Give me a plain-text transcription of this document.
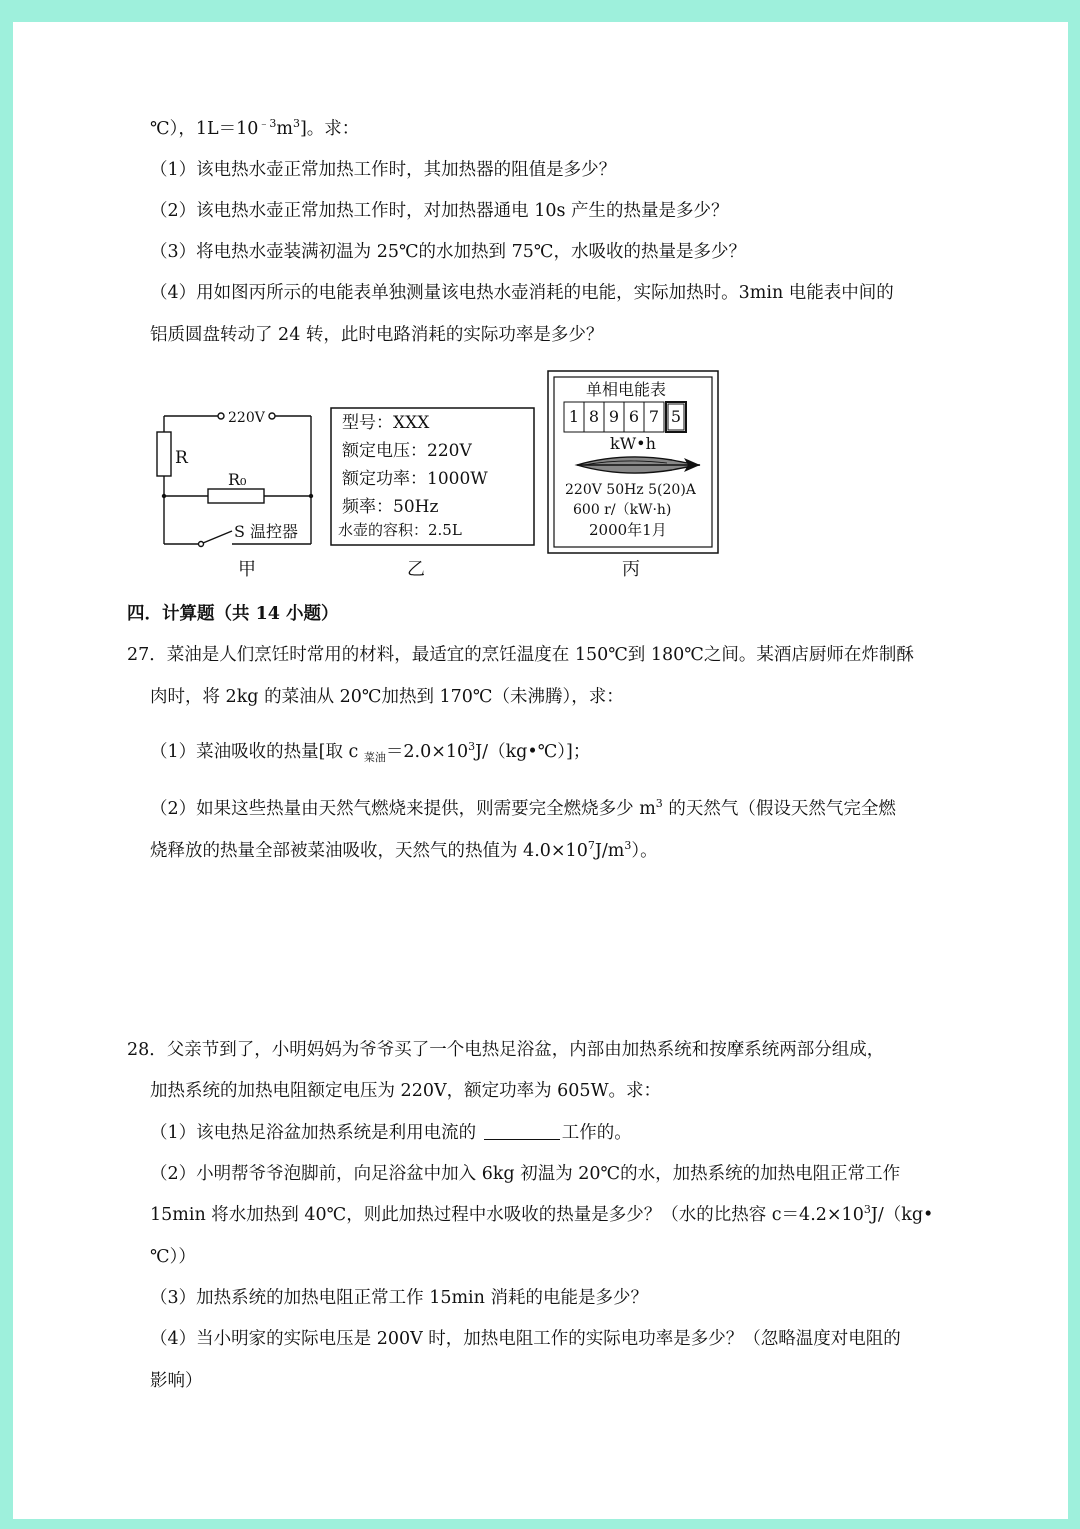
℃），$1L=10^{﹣3}m^3$]。求：
（1）该电热水壶正常加热工作时，其加热器的阻值是多少？
（2）该电热水壶正常加热工作时，对加热器通电 10s 产生的热量是多少？
（3）将电热水壶装满初温为 25℃的水加热到 75℃，水吸收的热量是多少？
（4）用如图丙所示的电能表单独测量该电热水壶消耗的电能，实际加热时。3min 电能表中间的
铝质圆盘转动了 24 转，此时电路消耗的实际功率是多少？
220V
R
R₀
S 温控器
甲
型号：XXX
额定电压：220V
额定功率：1000W
频率：50Hz
水壶的容积：2.5L
乙
单相电能表
1 8 9 6 7 5
kW•h
220V 50Hz 5(20)A
600 r/（kW·h)
2000年1月
丙
四．计算题（共 14 小题）
27．菜油是人们烹饪时常用的材料，最适宜的烹饪温度在 150℃到 180℃之间。某酒店厨师在炸制酥
肉时，将 2kg 的菜油从 20℃加热到 170℃（未沸腾），求：
（1）菜油吸收的热量[取 c $_{菜油}=2.0\times 10^3J/(kg•℃)$]；
（2）如果这些热量由天然气燃烧来提供，则需要完全燃烧多少 $m^3$ 的天然气（假设天然气完全燃
烧释放的热量全部被菜油吸收，天然气的热值为 $4.0\times 10^7J/m^3$）。
28．父亲节到了，小明妈妈为爷爷买了一个电热足浴盆，内部由加热系统和按摩系统两部分组成，
加热系统的加热电阻额定电压为 220V，额定功率为 605W。求：
（1）该电热足浴盆加热系统是利用电流的	工作的。
（2）小明帮爷爷泡脚前，向足浴盆中加入 6kg 初温为 20℃的水，加热系统的加热电阻正常工作
15min 将水加热到 40℃，则此加热过程中水吸收的热量是多少？（水的比热容 $c=4.2\times 10^3J/(kg•$
℃））
（3）加热系统的加热电阻正常工作 15min 消耗的电能是多少？
（4）当小明家的实际电压是 200V 时，加热电阻工作的实际电功率是多少？（忽略温度对电阻的
影响）
